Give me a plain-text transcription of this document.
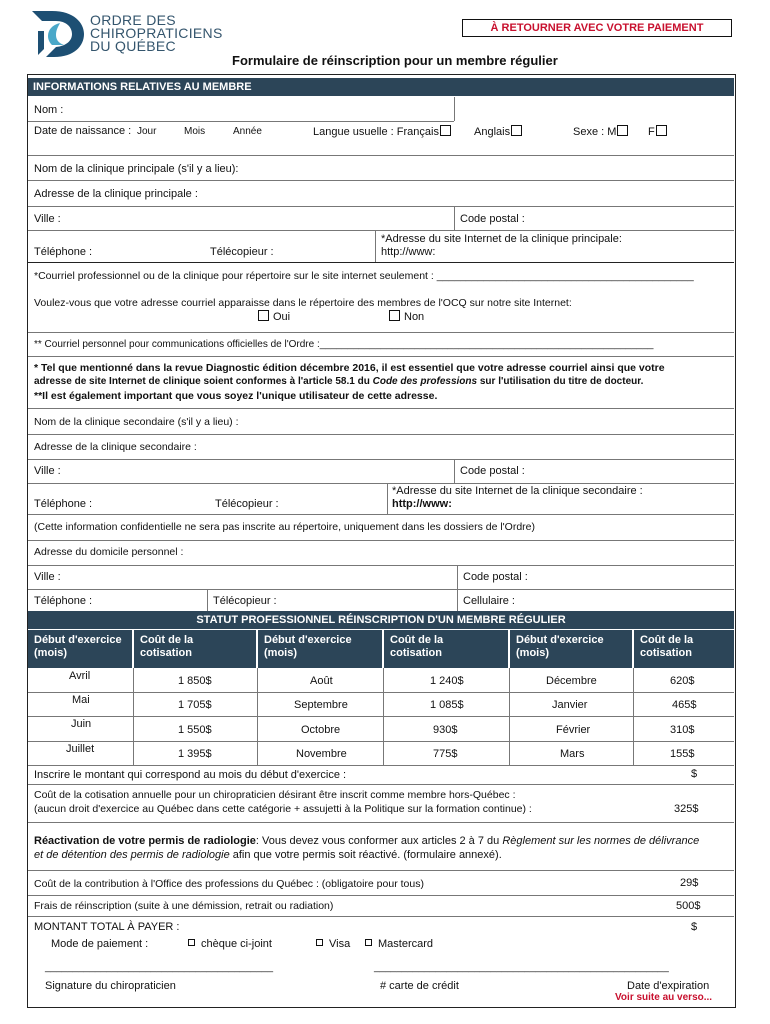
ORDRE DES
CHIROPRATICIENS
DU QUÉBEC
À RETOURNER AVEC VOTRE PAIEMENT
Formulaire de réinscription pour un membre régulier
INFORMATIONS RELATIVES AU MEMBRE
Nom :
Date de naissance : Jour	Mois	Année	Langue usuelle : Français	Anglais	Sexe : M	F
Nom de la clinique principale (s'il y a lieu):
Adresse de la clinique principale :
Ville :	Code postal :
Téléphone :	Télécopieur :
*Adresse du site Internet de la clinique principale:
http://www:
*Courriel professionnel ou de la clinique pour répertoire sur le site internet seulement : ____________________________________________
Voulez-vous que votre adresse courriel apparaisse dans le répertoire des membres de l'OCQ sur notre site Internet:
Oui	Non
** Courriel personnel pour communications officielles de l'Ordre :____________________________________________________________
* Tel que mentionné dans la revue Diagnostic édition décembre 2016, il est essentiel que votre adresse courriel ainsi que votre
adresse de site Internet de clinique soient conformes à l'article 58.1 du Code des professions sur l'utilisation du titre de docteur.
**Il est également important que vous soyez l'unique utilisateur de cette adresse.
Nom de la clinique secondaire (s'il y a lieu) :
Adresse de la clinique secondaire :
Ville :	Code postal :
Téléphone :	Télécopieur :
*Adresse du site Internet de la clinique secondaire :
http://www:
(Cette information confidentielle ne sera pas inscrite au répertoire, uniquement dans les dossiers de l'Ordre)
Adresse du domicile personnel :
Ville :	Code postal :
Téléphone :	Télécopieur :	Cellulaire :
STATUT PROFESSIONNEL RÉINSCRIPTION D'UN MEMBRE RÉGULIER
Début d'exercice
(mois)
Coût de la
cotisation
Début d'exercice
(mois)
Coût de la
cotisation
Début d'exercice
(mois)
Coût de la
cotisation
Avril	1 850$	Août	1 240$	Décembre	620$
Mai	1 705$	Septembre	1 085$	Janvier	465$
Juin	1 550$	Octobre	930$	Février	310$
Juillet	1 395$	Novembre	775$	Mars	155$
Inscrire le montant qui correspond au mois du début d'exercice :	$
Coût de la cotisation annuelle pour un chiropraticien désirant être inscrit comme membre hors-Québec :
(aucun droit d'exercice au Québec dans cette catégorie + assujetti à la Politique sur la formation continue) :	325$
Réactivation de votre permis de radiologie: Vous devez vous conformer aux articles 2 à 7 du Règlement sur les normes de délivrance
et de détention des permis de radiologie afin que votre permis soit réactivé. (formulaire annexé).
Coût de la contribution à l'Office des professions du Québec : (obligatoire pour tous)	29$
Frais de réinscription (suite à une démission, retrait ou radiation)	500$
MONTANT TOTAL À PAYER :	$
Mode de paiement :	chèque ci-joint	Visa	Mastercard
_________________________________________
Signature du chiropraticien
_____________________________________________________
# carte de crédit	Date d'expiration
Voir suite au verso...
